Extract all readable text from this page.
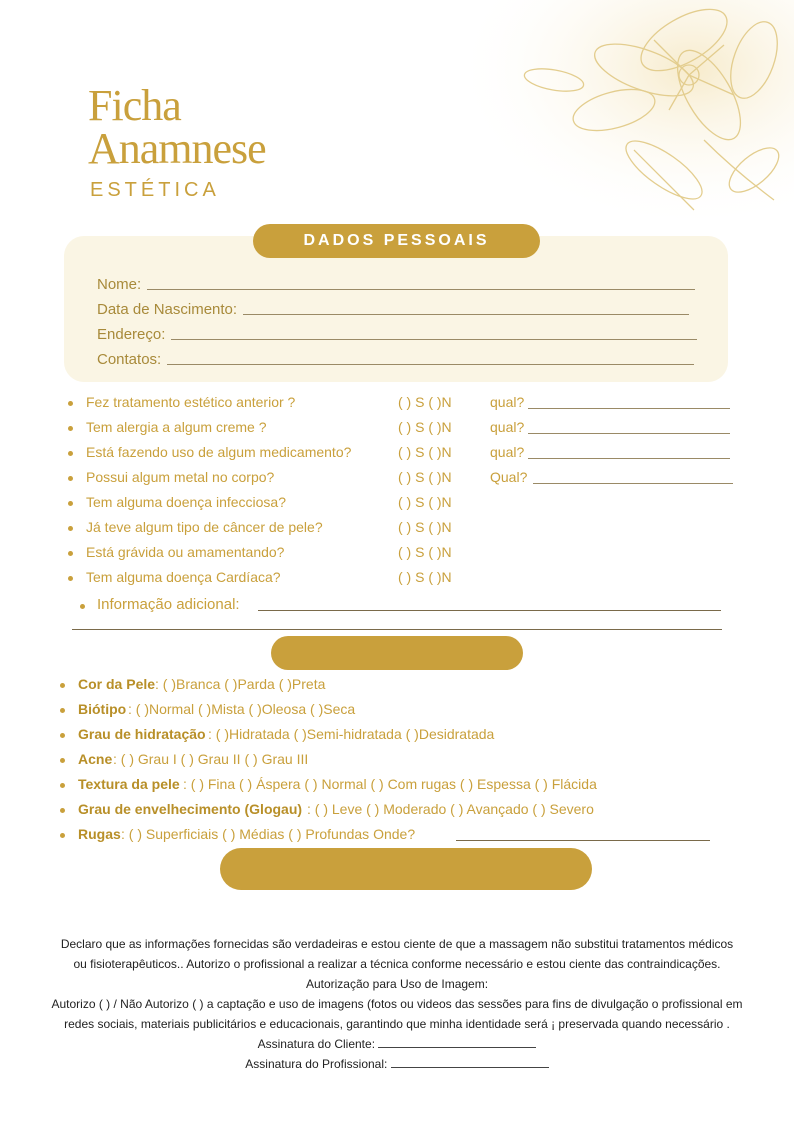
Ficha
Anamnese
ESTÉTICA
DADOS PESSOAIS
Nome:
Data de Nascimento:
Endereço:
Contatos:
Fez tratamento estético anterior ?	( ) S ( )N	qual?
Tem alergia a algum creme ?	( ) S ( )N	qual?
Está fazendo uso de algum medicamento?	( ) S ( )N	qual?
Possui algum metal no corpo?	( ) S ( )N	Qual?
Tem alguma doença infecciosa?	( ) S ( )N
Já teve algum tipo de câncer de pele?	( ) S ( )N
Está grávida ou amamentando?	( ) S ( )N
Tem alguma doença Cardíaca?	( ) S ( )N
Informação adicional:
Cor da Pele : ( )Branca ( )Parda ( )Preta
Biótipo : ( )Normal ( )Mista ( )Oleosa ( )Seca
Grau de hidratação : ( )Hidratada ( )Semi-hidratada ( )Desidratada
Acne : ( ) Grau I ( ) Grau II ( ) Grau III
Textura da pele : ( ) Fina ( ) Áspera ( ) Normal ( ) Com rugas ( ) Espessa ( ) Flácida
Grau de envelhecimento (Glogau) : ( ) Leve ( ) Moderado ( ) Avançado ( ) Severo
Rugas : ( ) Superficiais ( ) Médias ( ) Profundas Onde?

Declaro que as informações fornecidas são verdadeiras e estou ciente de que a massagem não substitui tratamentos médicos

ou fisioterapêuticos.. Autorizo o profissional a realizar a técnica conforme necessário e estou ciente das contraindicações.

Autorização para Uso de Imagem:

Autorizo ( ) / Não Autorizo ( ) a captação e uso de imagens (fotos ou videos das sessões para fins de divulgação o profissional em

redes sociais, materiais publicitários e educacionais, garantindo que minha identidade será ¡ preservada quando necessário .

Assinatura do Cliente:

Assinatura do Profissional:
